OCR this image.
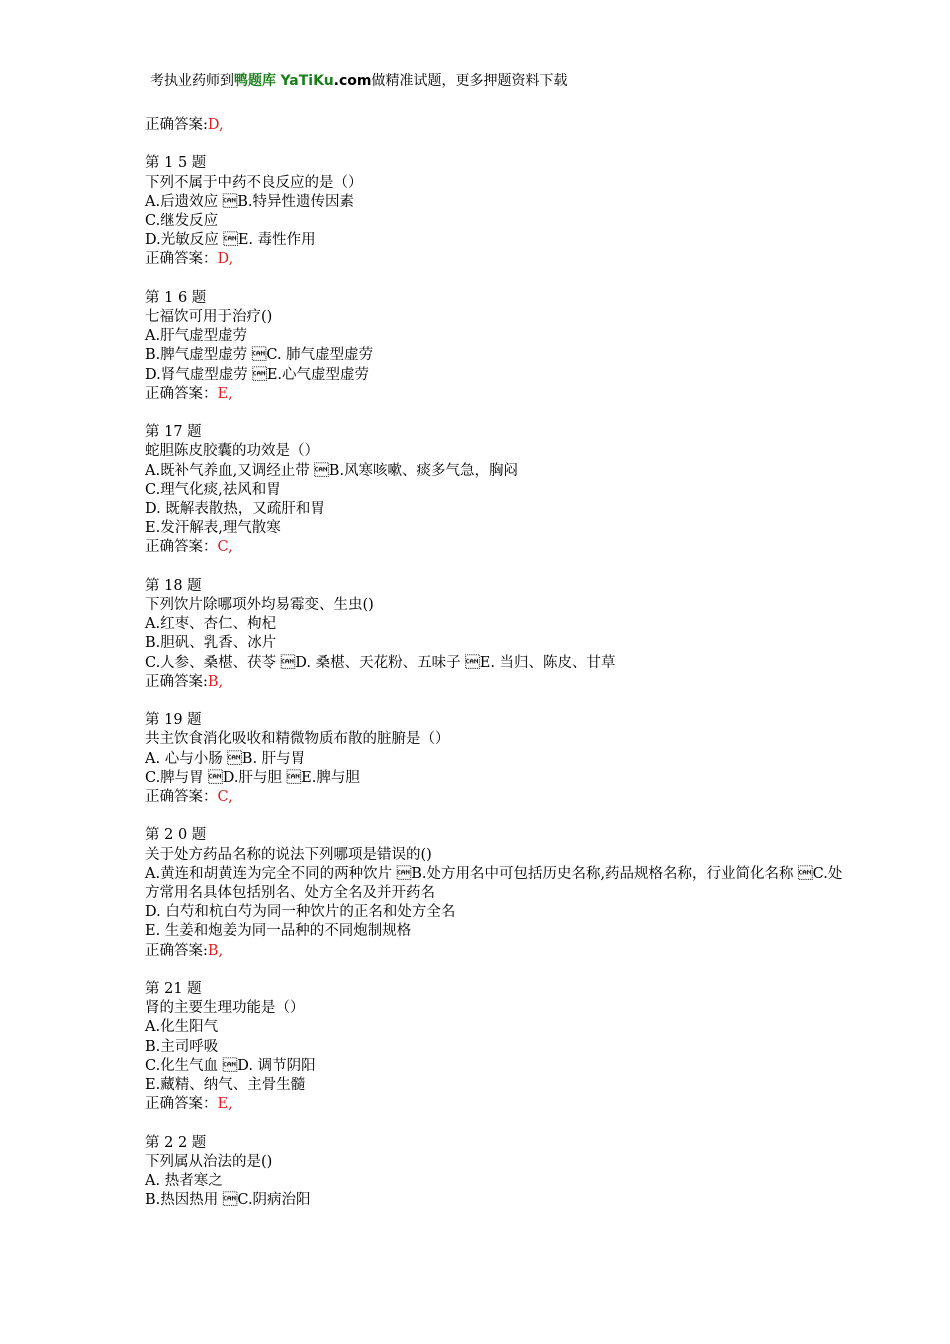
考执业药师到鸭题库 YaTiKu.com做精准试题，更多押题资料下载
正确答案:D,
第 1 5 题
下列不属于中药不良反应的是（）
A.后遗效应 B.特异性遗传因素
C.继发反应
D.光敏反应 E. 毒性作用
正确答案：D,
第 1 6 题
七福饮可用于治疗()
A.肝气虚型虚劳
B.脾气虚型虚劳 C. 肺气虚型虚劳
D.肾气虚型虚劳 E.心气虚型虚劳
正确答案：E,
第 17 题
蛇胆陈皮胶囊的功效是（）
A.既补气养血,又调经止带 B.风寒咳嗽、痰多气急，胸闷
C.理气化痰,祛风和胃
D. 既解表散热，又疏肝和胃
E.发汗解表,理气散寒
正确答案：C,
第 18 题
下列饮片除哪项外均易霉变、生虫()
A.红枣、杏仁、枸杞
B.胆矾、乳香、冰片
C.人参、桑椹、茯苓 D. 桑椹、天花粉、五味子 E. 当归、陈皮、甘草
正确答案:B,
第 19 题
共主饮食消化吸收和精微物质布散的脏腑是（）
A. 心与小肠 B. 肝与胃
C.脾与胃 D.肝与胆 E.脾与胆
正确答案：C,
第 2 0 题
关于处方药品名称的说法下列哪项是错误的()
A.黄连和胡黄连为完全不同的两种饮片 B.处方用名中可包括历史名称,药品规格名称，行业简化名称 C.处方常用名具体包括别名、处方全名及并开药名
D. 白芍和杭白芍为同一种饮片的正名和处方全名
E. 生姜和炮姜为同一品种的不同炮制规格
正确答案:B,
第 21 题
肾的主要生理功能是（）
A.化生阳气
B.主司呼吸
C.化生气血 D. 调节阴阳
E.藏精、纳气、主骨生髓
正确答案：E,
第 2 2 题
下列属从治法的是()
A. 热者寒之
B.热因热用 C.阴病治阳
